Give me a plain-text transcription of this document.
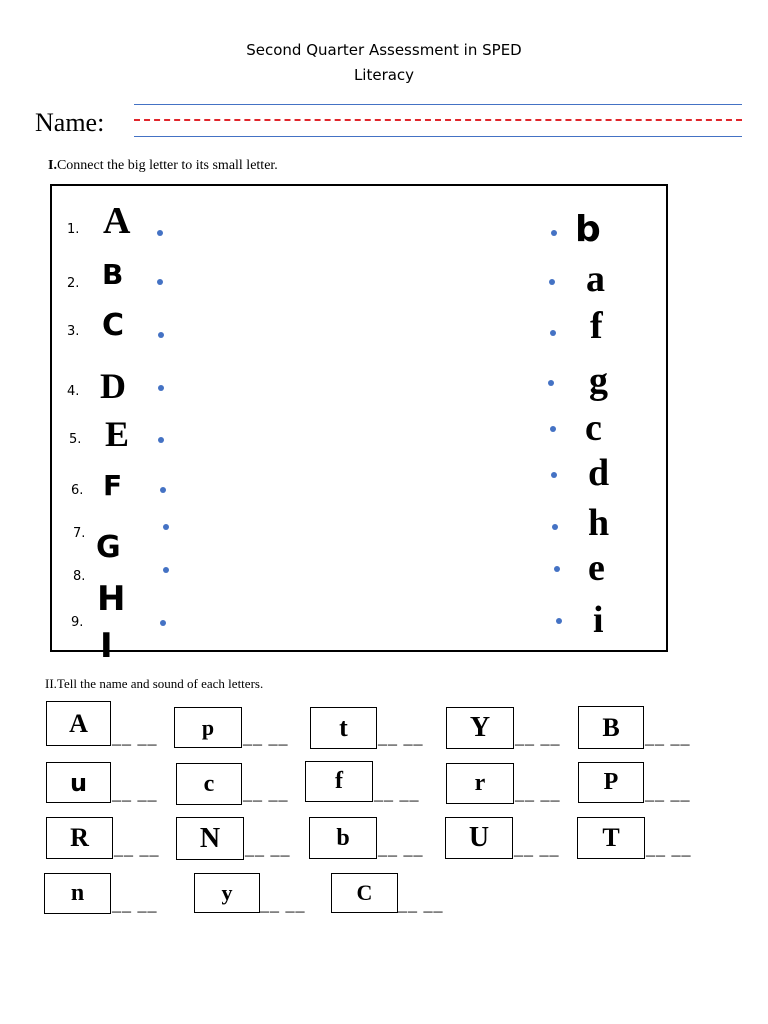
Second Quarter Assessment in SPED
Literacy
Name:
I.Connect the big letter to its small letter.
1.
2.
3.
4.
5.
6.
7.
8.
9.
A
B
C
D
E
F
G
H
I
b
a
f
g
c
d
h
e
i
II.Tell the name and sound of each letters.
A __ __ p __ __ t __ __ Y __ __ B __ __
u __ __ c __ __ f __ __ r __ __ P __ __
R __ __ N __ __ b __ __ U __ __ T __ __
n __ __	y __ __ C __ __
